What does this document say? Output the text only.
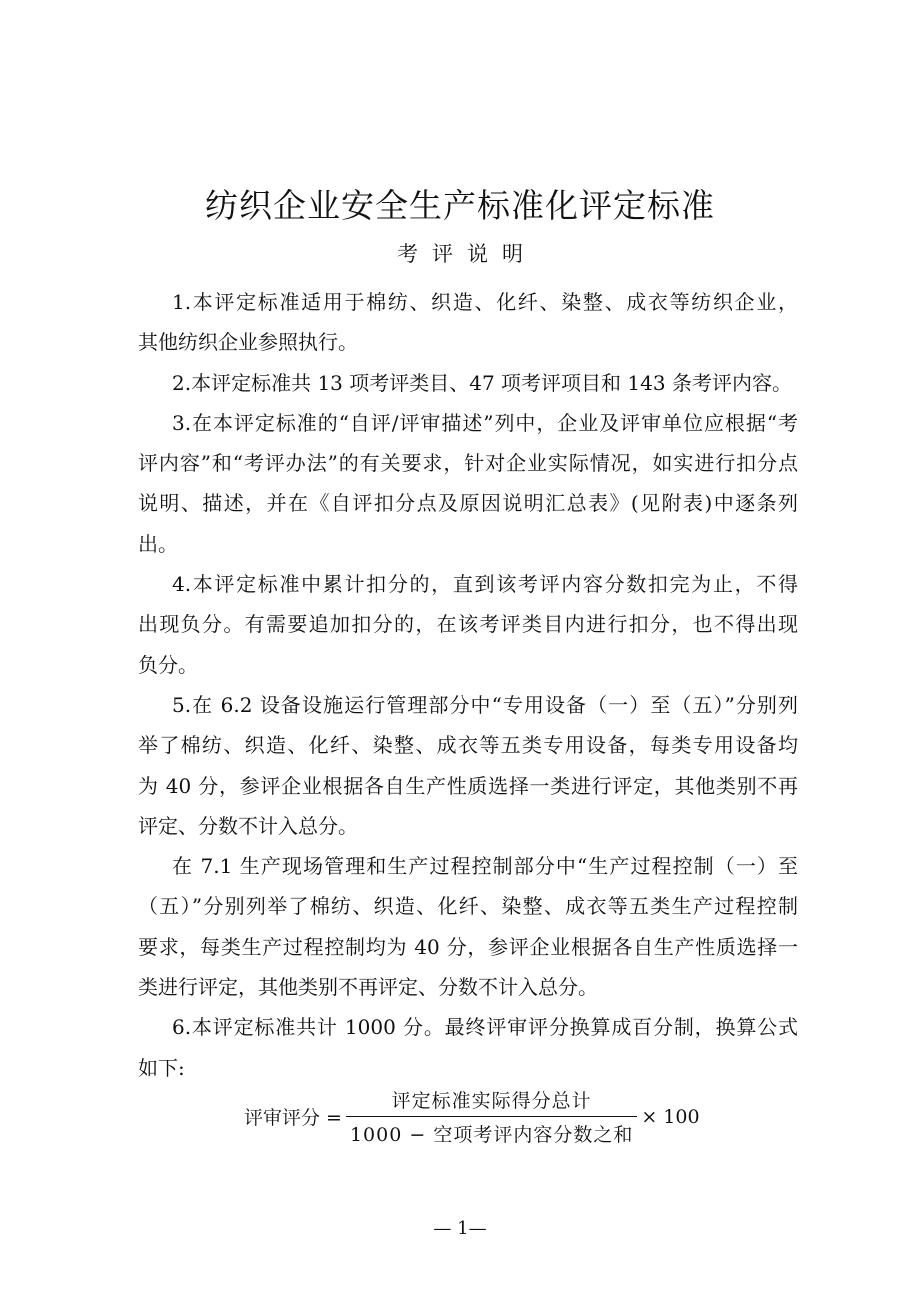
纺织企业安全生产标准化评定标准
考评说明
1.本评定标准适用于棉纺、织造、化纤、染整、成衣等纺织企业，
其他纺织企业参照执行。
2.本评定标准共 13 项考评类目、47 项考评项目和 143 条考评内容。
3.在本评定标准的“自评/评审描述”列中，企业及评审单位应根据“考
评内容”和“考评办法”的有关要求，针对企业实际情况，如实进行扣分点
说明、描述，并在《自评扣分点及原因说明汇总表》(见附表)中逐条列
出。
4.本评定标准中累计扣分的，直到该考评内容分数扣完为止，不得
出现负分。有需要追加扣分的，在该考评类目内进行扣分，也不得出现
负分。
5.在 6.2 设备设施运行管理部分中“专用设备（一）至（五）”分别列
举了棉纺、织造、化纤、染整、成衣等五类专用设备，每类专用设备均
为 40 分，参评企业根据各自生产性质选择一类进行评定，其他类别不再
评定、分数不计入总分。
在 7.1 生产现场管理和生产过程控制部分中“生产过程控制（一）至
（五）”分别列举了棉纺、织造、化纤、染整、成衣等五类生产过程控制
要求，每类生产过程控制均为 40 分，参评企业根据各自生产性质选择一
类进行评定，其他类别不再评定、分数不计入总分。
6.本评定标准共计 1000 分。最终评审评分换算成百分制，换算公式
如下:
评审评分 = $\frac{\text{评定标准实际得分总计}}{\text{1000 − 空项考评内容分数之和}} \times 100$
— 1—
